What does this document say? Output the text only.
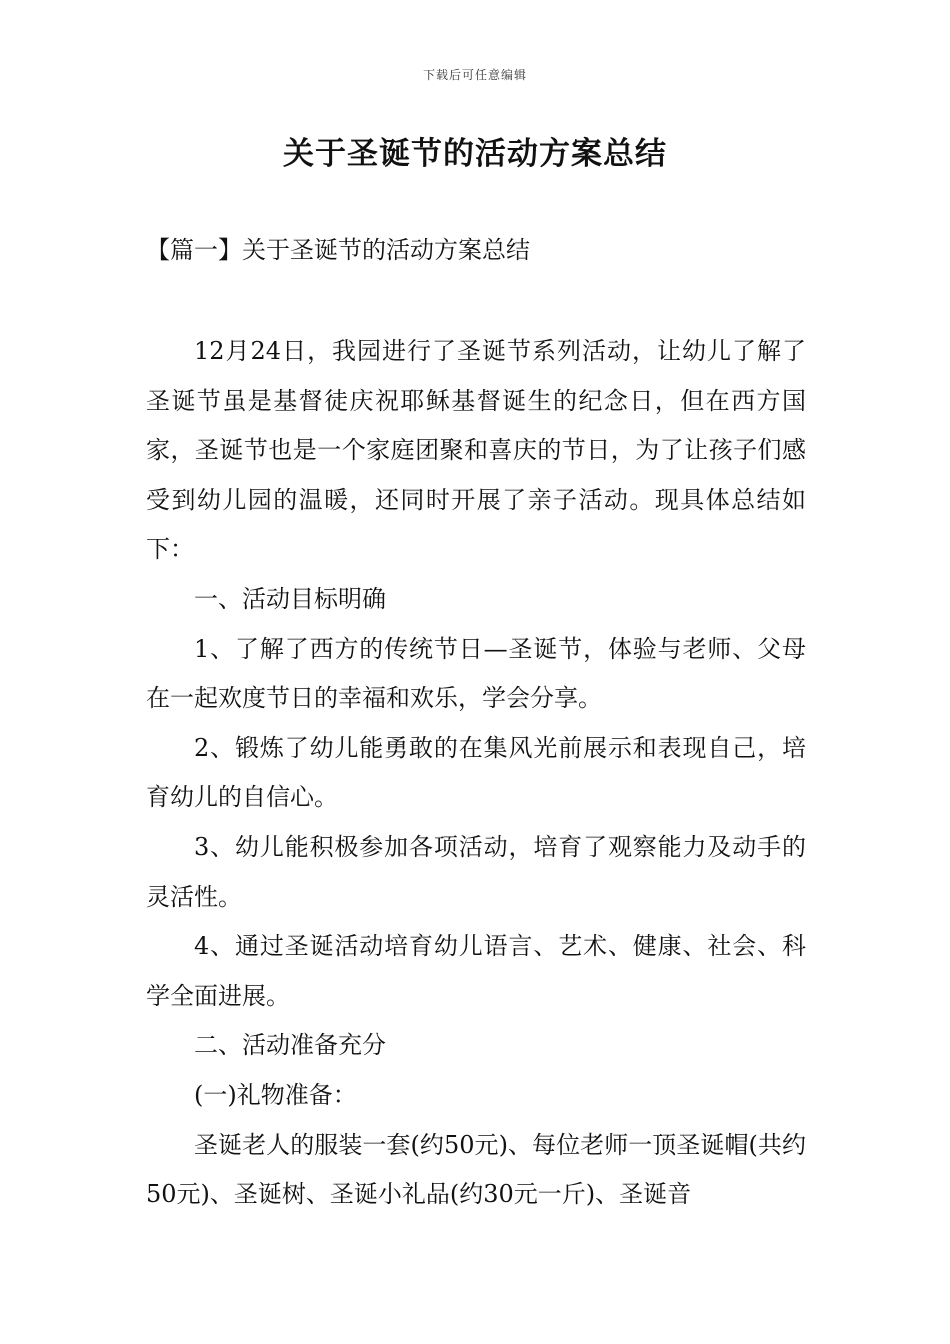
下载后可任意编辑
关于圣诞节的活动方案总结
【篇一】关于圣诞节的活动方案总结

12月24日，我园进行了圣诞节系列活动，让幼儿了解了圣诞节虽是基督徒庆祝耶稣基督诞生的纪念日，但在西方国家，圣诞节也是一个家庭团聚和喜庆的节日，为了让孩子们感受到幼儿园的温暖，还同时开展了亲子活动。现具体总结如下：

一、活动目标明确

1、了解了西方的传统节日—圣诞节，体验与老师、父母在一起欢度节日的幸福和欢乐，学会分享。

2、锻炼了幼儿能勇敢的在集风光前展示和表现自己，培育幼儿的自信心。

3、幼儿能积极参加各项活动，培育了观察能力及动手的灵活性。

4、通过圣诞活动培育幼儿语言、艺术、健康、社会、科学全面进展。

二、活动准备充分

(一)礼物准备：

圣诞老人的服装一套(约50元)、每位老师一顶圣诞帽(共约50元)、圣诞树、圣诞小礼品(约30元一斤)、圣诞音
